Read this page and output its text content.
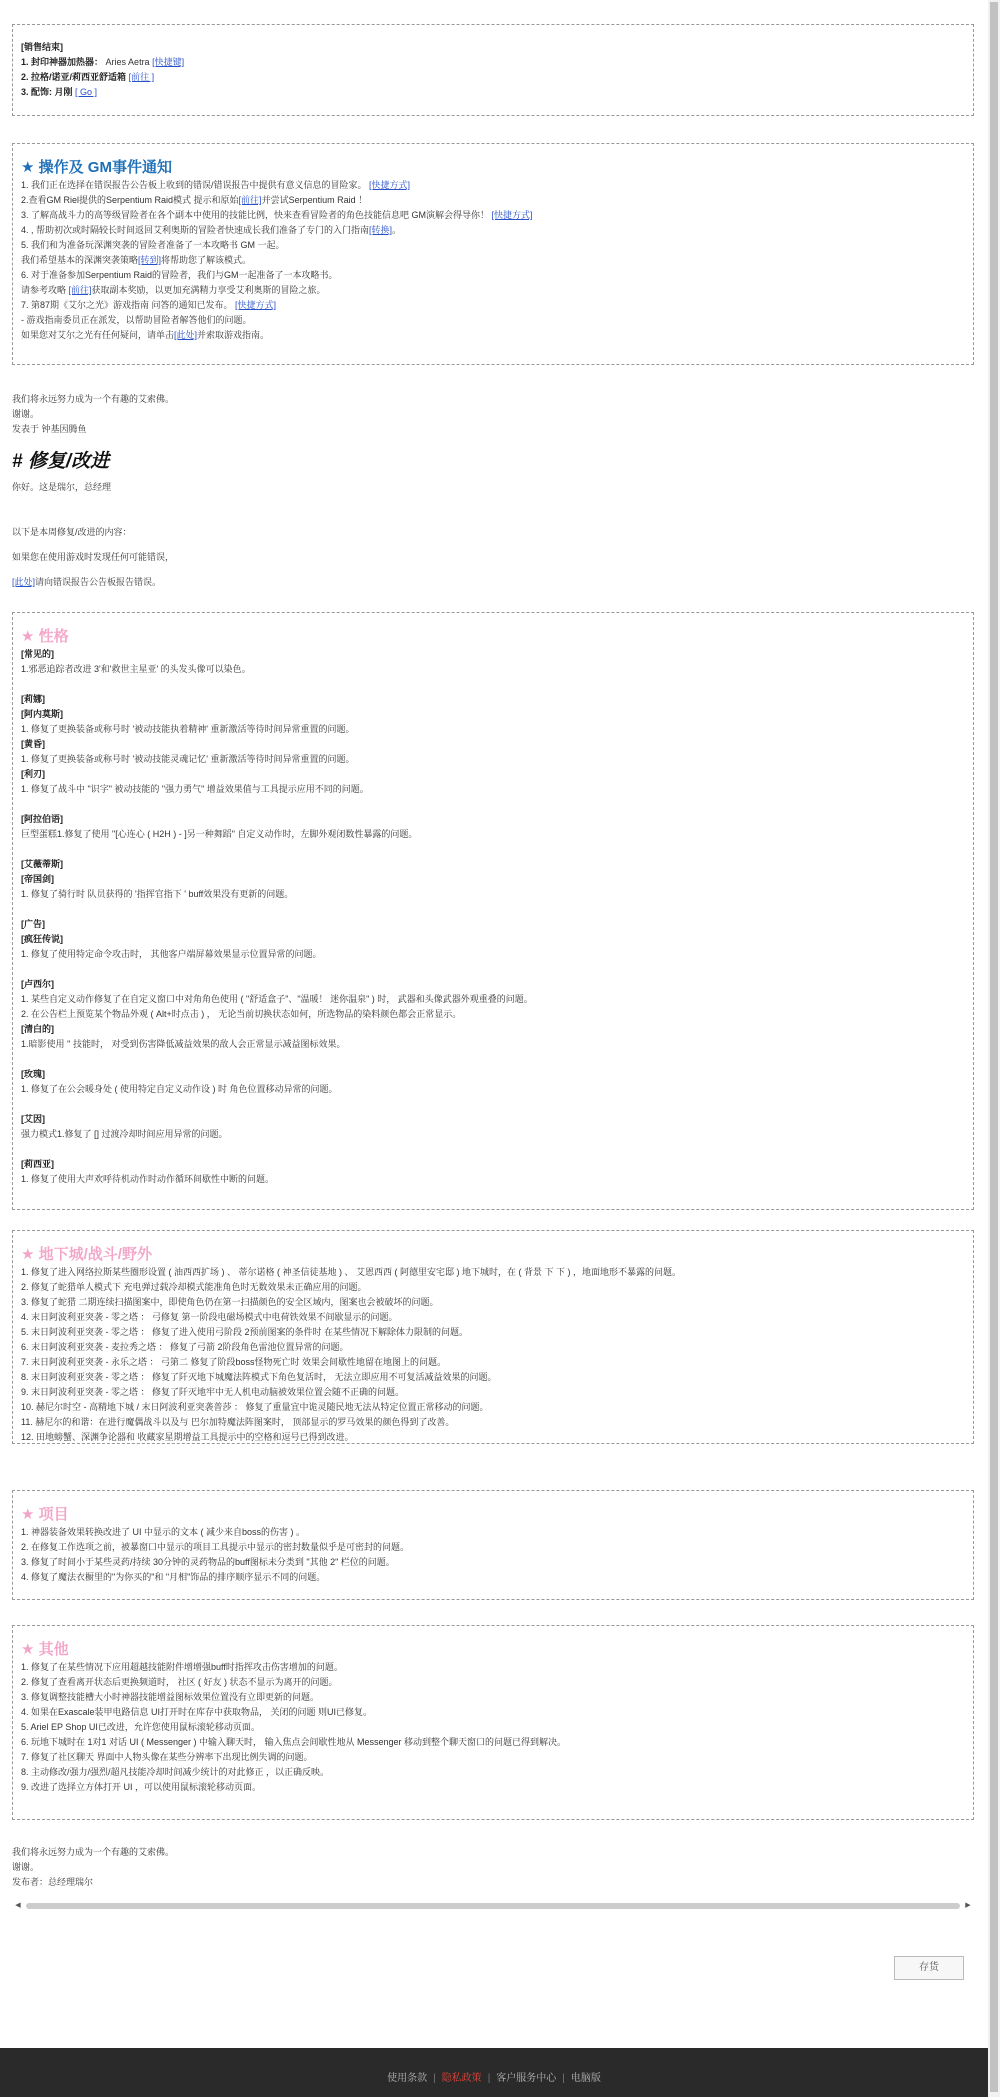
[销售结束]

1. 封印神器加热器： Aries Aetra [快捷键]

2. 拉格/诺亚/莉西亚舒适箱 [前往 ]

3. 配饰: 月刚 [ Go ]

★ 操作及 GM事件通知

1. 我们正在选择在错误报告公告板上收到的错误/错误报告中提供有意义信息的冒险家。 [快捷方式]

2.查看GM Riel提供的Serpentium Raid模式 提示和原始[前往]并尝试Serpentium Raid ！

3. 了解高战斗力的高等级冒险者在各个副本中使用的技能比例，快来查看冒险者的角色技能信息吧 GM演解会得导你！ [快捷方式]

4. , 帮助初次或时隔较长时间返回艾利奥斯的冒险者快速成长我们准备了专门的入门指南[转换]。

5. 我们和为准备玩深渊突袭的冒险者准备了一本攻略书 GM 一起。

我们希望基本的深渊突袭策略[转到]将帮助您了解该模式。

6. 对于准备参加Serpentium Raid的冒险者，我们与GM一起准备了一本攻略书。

请参考攻略 [前往]获取副本奖励，以更加充满精力享受艾利奥斯的冒险之旅。

7. 第87期《艾尔之光》游戏指南 问答的通知已发布。 [快捷方式]

- 游戏指南委员正在派发，以帮助冒险者解答他们的问题。

如果您对艾尔之光有任何疑问，请单击[此处]并索取游戏指南。

我们将永远努力成为一个有趣的艾索佛。

谢谢。

发表于 钟基因腾鱼

# 修复/改进

你好。这是瑞尔，总经理

以下是本周修复/改进的内容：

如果您在使用游戏时发现任何可能错误，

[此处]请向错误报告公告板报告错误。

★ 性格

[常见的]

1.邪恶追踪者改进 3'和'救世主星亚' 的头发头像可以染色。

[莉娜]

[阿内莫斯]

1. 修复了更换装备或称号时 '被动技能执着精神' 重新激活等待时间异常重置的问题。

[黄昏]

1. 修复了更换装备或称号时 '被动技能灵魂记忆' 重新激活等待时间异常重置的问题。

[利刃]

1. 修复了战斗中 "识字" 被动技能的 "强力勇气" 增益效果值与工具提示应用不同的问题。

[阿拉伯语]

巨型蛋糕1.修复了使用 "[心连心 ( H2H ) - ]另一种舞蹈" 自定义动作时，左脚外观闭数性暴露的问题。

[艾薇蒂斯]

[帝国剑]

1. 修复了骑行时 队员获得的 '指挥官指下 ' buff效果没有更新的问题。

[广告]

[疯狂传说]

1. 修复了使用特定命令攻击时， 其他客户端屏幕效果显示位置异常的问题。

[卢西尔]

1. 某些自定义动作修复了在自定义窗口中对角角色使用 ( "舒适盒子"、"温暖！ 迷你温泉" ) 时， 武器和头像武器外观重叠的问题。

2. 在公告栏上预览某个物品外观 ( Alt+时点击 ) ， 无论当前切换状态如何，所选物品的染料颜色都会正常显示。

[清白的]

1.暗影使用 '' 技能时， 对受到伤害降低减益效果的敌人会正常显示减益图标效果。

[玫瑰]

1. 修复了在公会暖身处 ( 使用特定自定义动作设 ) 时 角色位置移动异常的问题。

[艾因]

强力模式1.修复了 [] 过渡冷却时间应用异常的问题。

[莉西亚]

1. 修复了使用大声欢呼待机动作时动作循环间歇性中断的问题。

★ 地下城/战斗/野外

1. 修复了进入网络拉斯某些圈形设置 ( 油西西扩场 ) 、 蒂尔诺格 ( 神圣信徒基地 ) 、 艾恩西西 ( 阿德里安宅邸 ) 地下城时，在 ( 背景 下 下 ) ，地面地形不暴露的问题。

2. 修复了蛇猎单人模式下 充电弹过载冷却模式能准角色时无数效果未正确应用的问题。

3. 修复了蛇猎 二期连续扫描图案中，即使角色仍在第一扫描颜色的安全区域内，图案也会被破坏的问题。

4. 末日阿波利亚突袭 - 零之塔 ： 弓修复 第一阶段电磁场模式中电荷铁效果不间歇显示的问题。

5. 末日阿波利亚突袭 - 零之塔 ： 修复了进入使用弓阶段 2预前图案的条件时 在某些情况下解除体力限制的问题。

6. 末日阿波利亚突袭 - 麦拉秀之塔 ： 修复了弓箭 2阶段角色雷池位置异常的问题。

7. 末日阿波利亚突袭 - 永乐之塔 ： 弓第二 修复了阶段boss怪物死亡时 效果会间歇性地留在地图上的问题。

8. 末日阿波利亚突袭 - 零之塔 ： 修复了阡灭地下城魔法阵模式下角色复活时， 无法立即应用不可复活减益效果的问题。

9. 末日阿波利亚突袭 - 零之塔 ： 修复了阡灭地牢中无人机电动脑被效果位置会随不正确的问题。

10. 赫尼尔时空 - 高精地下城 / 末日阿波利亚突袭普莎 ： 修复了重量宜中诡灵随民地无法从特定位置正常移动的问题。

11. 赫尼尔的和谐：在进行魔偶战斗以及与 巴尔加特魔法阵图案时， 顶部显示的罗马效果的颜色得到了改善。

12. 田地螃蟹、深渊争论器和 收藏家星期增益工具提示中的空格和逗号已得到改进。

★ 项目

1. 神器装备效果转换改进了 UI 中显示的文本 ( 减少来自boss的伤害 ) 。

2. 在修复工作选项之前，被暴窗口中显示的项目工具提示中显示的密封数量似乎是可密封的问题。

3. 修复了时间小于某些灵药/持续 30分钟的灵药物品的buff图标未分类到 "其他 2" 栏位的问题。

4. 修复了魔法衣橱里的"为你买的"和 "月相"饰品的排序顺序显示不同的问题。

★ 其他

1. 修复了在某些情况下应用超越技能附件增增强buff时指挥攻击伤害增加的问题。

2. 修复了查看离开状态后更换频道时， 社区 ( 好友 ) 状态不显示为离开的问题。

3. 修复调整技能槽大小时神器技能增益图标效果位置没有立即更新的问题。

4. 如果在Exascale装甲电路信息 UI打开时在库存中获取物品， 关闭的问题 则UI已修复。

5. Ariel EP Shop UI已改进，允许您使用鼠标滚轮移动页面。

6. 玩地下城时在 1对1 对话 UI ( Messenger ) 中输入聊天时， 输入焦点会间歇性地从 Messenger 移动到整个聊天窗口的问题已得到解决。

7. 修复了社区聊天 界面中人物头像在某些分辨率下出现比例失调的问题。

8. 主动修改/强力/强烈/超凡技能冷却时间减少统计的对此修正 ，以正确反映。

9. 改进了选择立方体打开 UI ，可以使用鼠标滚轮移动页面。

我们将永远努力成为一个有趣的艾索佛。

谢谢。

发布者：总经理瑞尔

◀	▶
存货
使用条款 | 隐私政策 | 客户服务中心 | 电脑版
